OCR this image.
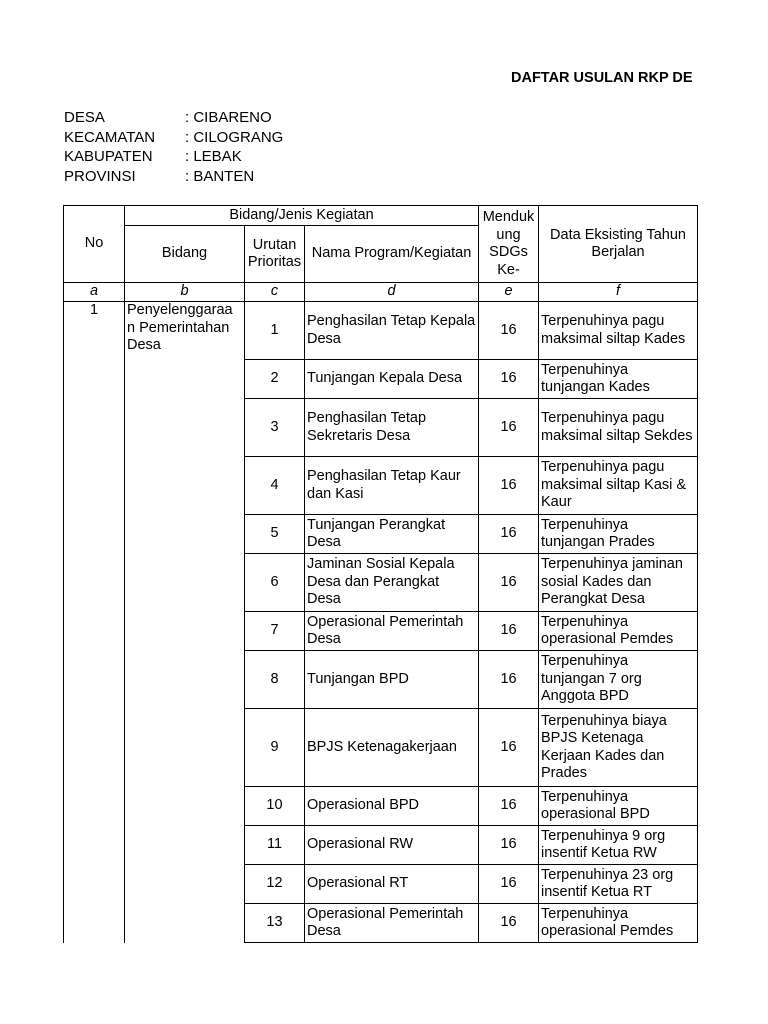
DAFTAR USULAN RKP DE
DESA	: CIBARENO
KECAMATAN : CILOGRANG
KABUPATEN : LEBAK
PROVINSI	: BANTEN
No	Bidang/Jenis Kegiatan			Menduk ung SDGs Ke-	Data Eksisting Tahun Berjalan
	Bidang	Urutan Prioritas	Nama Program/Kegiatan		
a	b	c	d	e	f
1	Penyelenggaraa n Pemerintahan Desa	1	Penghasilan Tetap Kepala Desa	16	Terpenuhinya pagu maksimal siltap Kades
		2	Tunjangan Kepala Desa	16	Terpenuhinya tunjangan Kades
		3	Penghasilan Tetap Sekretaris Desa	16	Terpenuhinya pagu maksimal siltap Sekdes
		4	Penghasilan Tetap Kaur dan Kasi	16	Terpenuhinya pagu maksimal siltap Kasi & Kaur
		5	Tunjangan Perangkat Desa	16	Terpenuhinya tunjangan Prades
		6	Jaminan Sosial Kepala Desa dan Perangkat Desa	16	Terpenuhinya jaminan sosial Kades dan Perangkat Desa
		7	Operasional Pemerintah Desa	16	Terpenuhinya operasional Pemdes
		8	Tunjangan BPD	16	Terpenuhinya tunjangan 7 org Anggota BPD
		9	BPJS Ketenagakerjaan	16	Terpenuhinya biaya BPJS Ketenaga Kerjaan Kades dan Prades
		10	Operasional BPD	16	Terpenuhinya operasional BPD
		11	Operasional RW	16	Terpenuhinya 9 org insentif Ketua RW
		12	Operasional RT	16	Terpenuhinya 23 org insentif Ketua RT
		13	Operasional Pemerintah Desa	16	Terpenuhinya operasional Pemdes
